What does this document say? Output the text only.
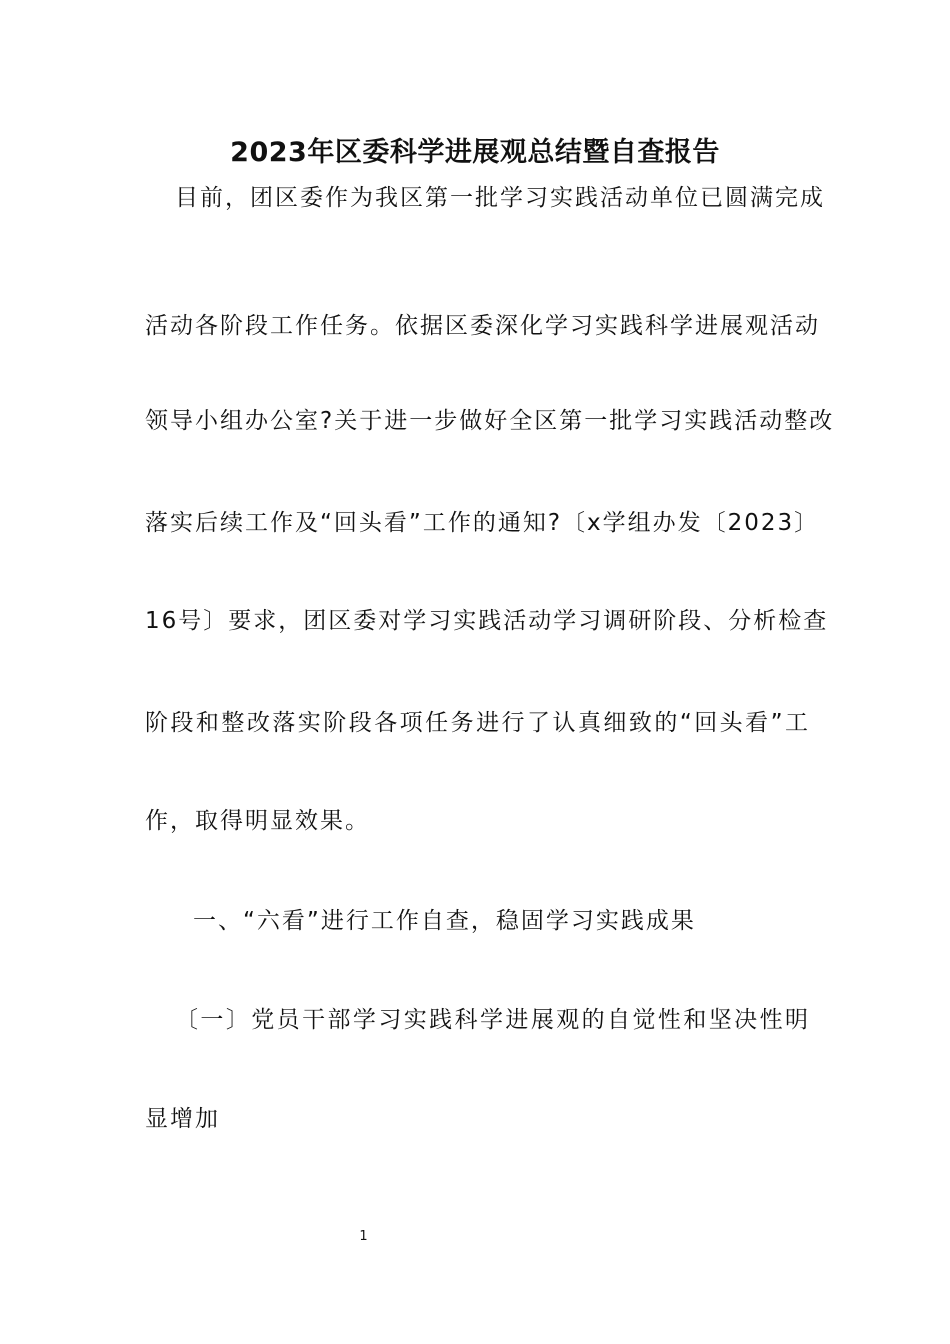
2023年区委科学进展观总结暨自查报告
目前，团区委作为我区第一批学习实践活动单位已圆满完成
活动各阶段工作任务。依据区委深化学习实践科学进展观活动
领导小组办公室?关于进一步做好全区第一批学习实践活动整改
落实后续工作及“回头看”工作的通知?〔x学组办发〔2023〕
16号〕要求，团区委对学习实践活动学习调研阶段、分析检查
阶段和整改落实阶段各项任务进行了认真细致的“回头看”工
作，取得明显效果。
一、“六看”进行工作自查，稳固学习实践成果
〔一〕党员干部学习实践科学进展观的自觉性和坚决性明
显增加
1
